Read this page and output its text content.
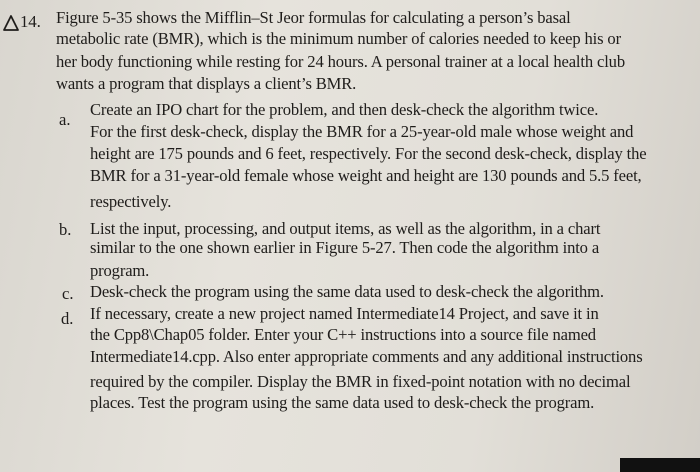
14. Figure 5-35 shows the Mifflin–St Jeor formulas for calculating a person’s basal
metabolic rate (BMR), which is the minimum number of calories needed to keep his or
her body functioning while resting for 24 hours. A personal trainer at a local health club
wants a program that displays a client’s BMR.
a.
Create an IPO chart for the problem, and then desk-check the algorithm twice.
For the first desk-check, display the BMR for a 25-year-old male whose weight and
height are 175 pounds and 6 feet, respectively. For the second desk-check, display the
BMR for a 31-year-old female whose weight and height are 130 pounds and 5.5 feet,
respectively.
b. List the input, processing, and output items, as well as the algorithm, in a chart
similar to the one shown earlier in Figure 5-27. Then code the algorithm into a
program.
c. Desk-check the program using the same data used to desk-check the algorithm.
d. If necessary, create a new project named Intermediate14 Project, and save it in
the Cpp8\Chap05 folder. Enter your C++ instructions into a source file named
Intermediate14.cpp. Also enter appropriate comments and any additional instructions
required by the compiler. Display the BMR in fixed-point notation with no decimal
places. Test the program using the same data used to desk-check the program.
